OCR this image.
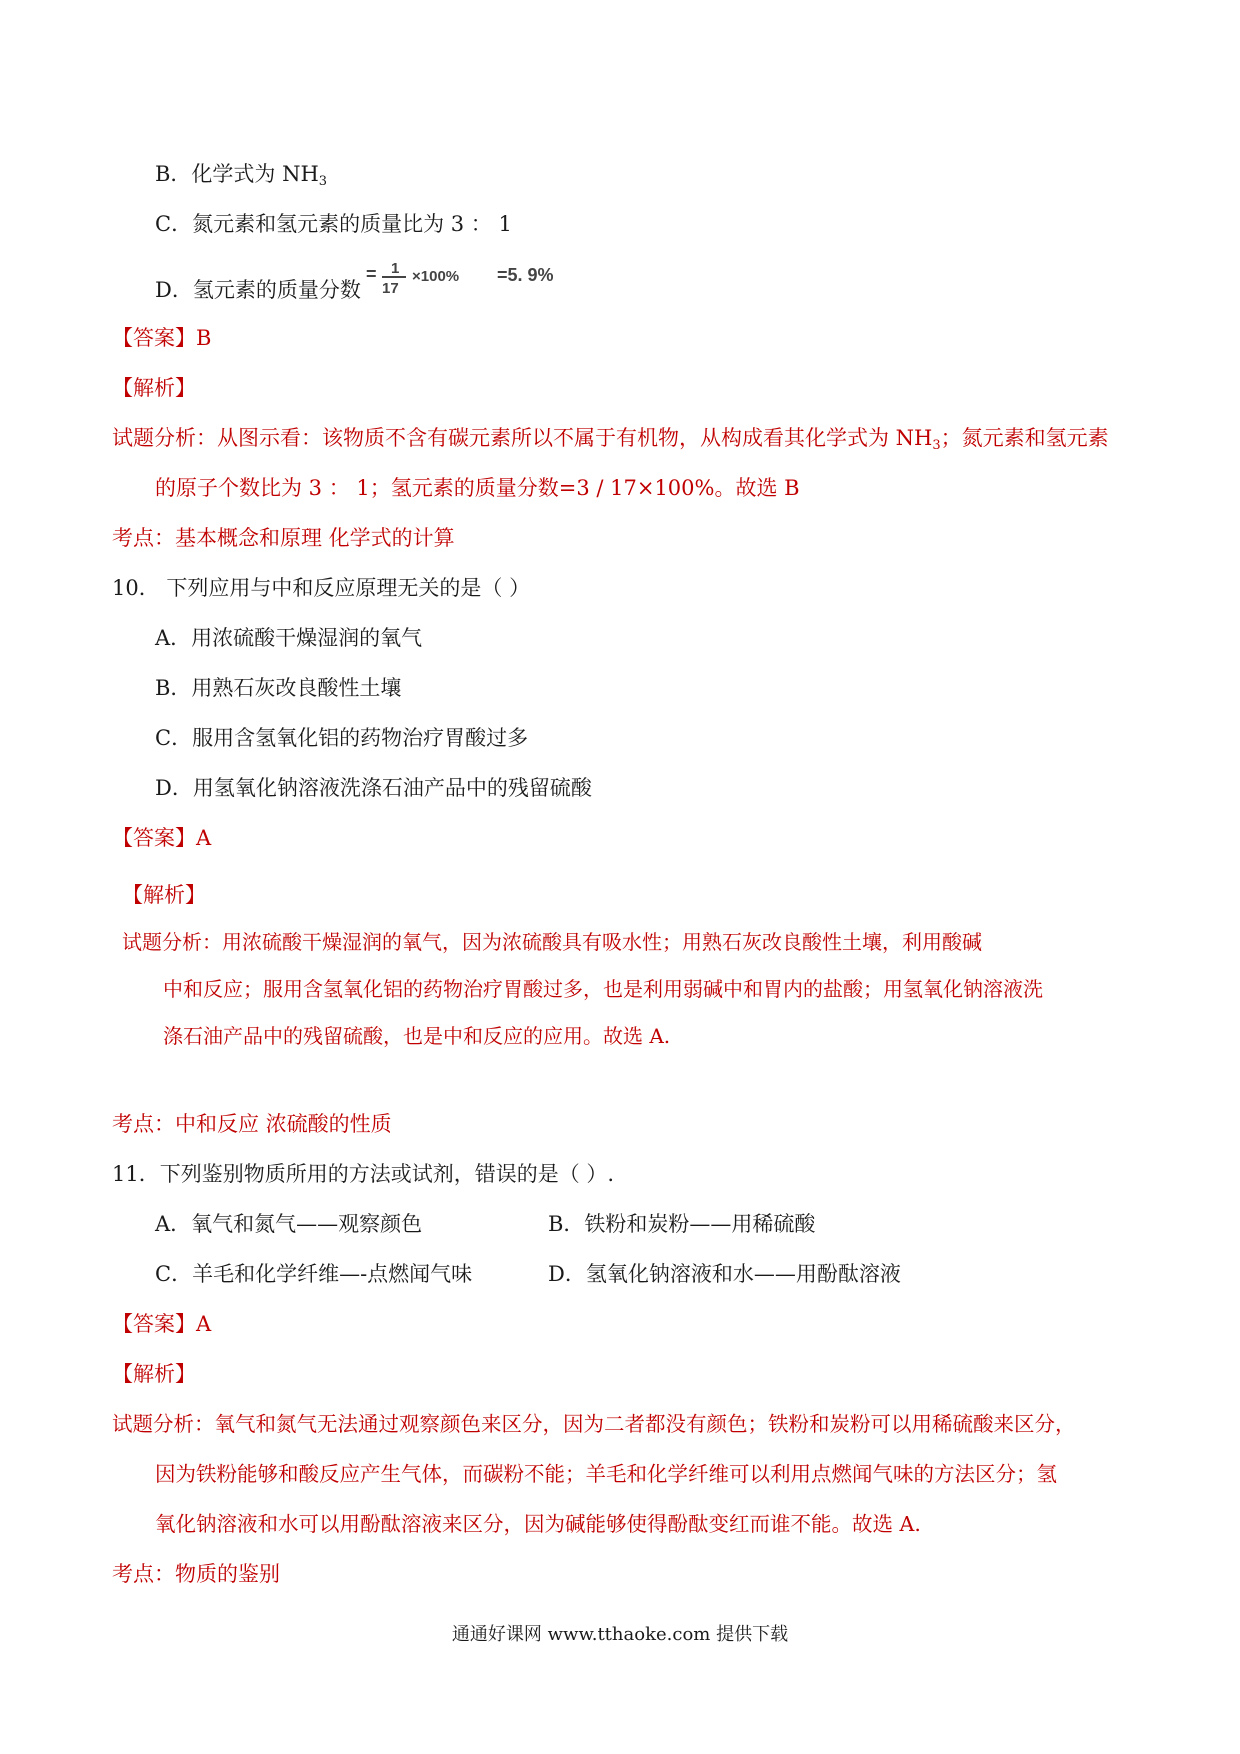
B．化学式为 $NH_3$
C．氮元素和氢元素的质量比为 3 ： 1
D．氢元素的质量分数
= 1
17
×100% =5. 9%
【答案】B
【解析】
试题分析：从图示看：该物质不含有碳元素所以不属于有机物，从构成看其化学式为 $NH_3$；氮元素和氢元素
的原子个数比为 3 ： 1；氢元素的质量分数=3 / 17×100%。故选 B
考点：基本概念和原理 化学式的计算
10． 下列应用与中和反应原理无关的是（ ）
A．用浓硫酸干燥湿润的氧气
B．用熟石灰改良酸性土壤
C．服用含氢氧化铝的药物治疗胃酸过多
D．用氢氧化钠溶液洗涤石油产品中的残留硫酸
【答案】A
【解析】
试题分析：用浓硫酸干燥湿润的氧气，因为浓硫酸具有吸水性；用熟石灰改良酸性土壤，利用酸碱
中和反应；服用含氢氧化铝的药物治疗胃酸过多，也是利用弱碱中和胃内的盐酸；用氢氧化钠溶液洗
涤石油产品中的残留硫酸，也是中和反应的应用。故选 A.
考点：中和反应 浓硫酸的性质
11．下列鉴别物质所用的方法或试剂，错误的是（ ）.
A．氧气和氮气——观察颜色	B．铁粉和炭粉——用稀硫酸
C．羊毛和化学纤维—-点燃闻气味	D．氢氧化钠溶液和水——用酚酞溶液
【答案】A
【解析】
试题分析：氧气和氮气无法通过观察颜色来区分，因为二者都没有颜色；铁粉和炭粉可以用稀硫酸来区分，
因为铁粉能够和酸反应产生气体，而碳粉不能；羊毛和化学纤维可以利用点燃闻气味的方法区分；氢
氧化钠溶液和水可以用酚酞溶液来区分，因为碱能够使得酚酞变红而谁不能。故选 A.
考点：物质的鉴别
通通好课网 www.tthaoke.com 提供下载
